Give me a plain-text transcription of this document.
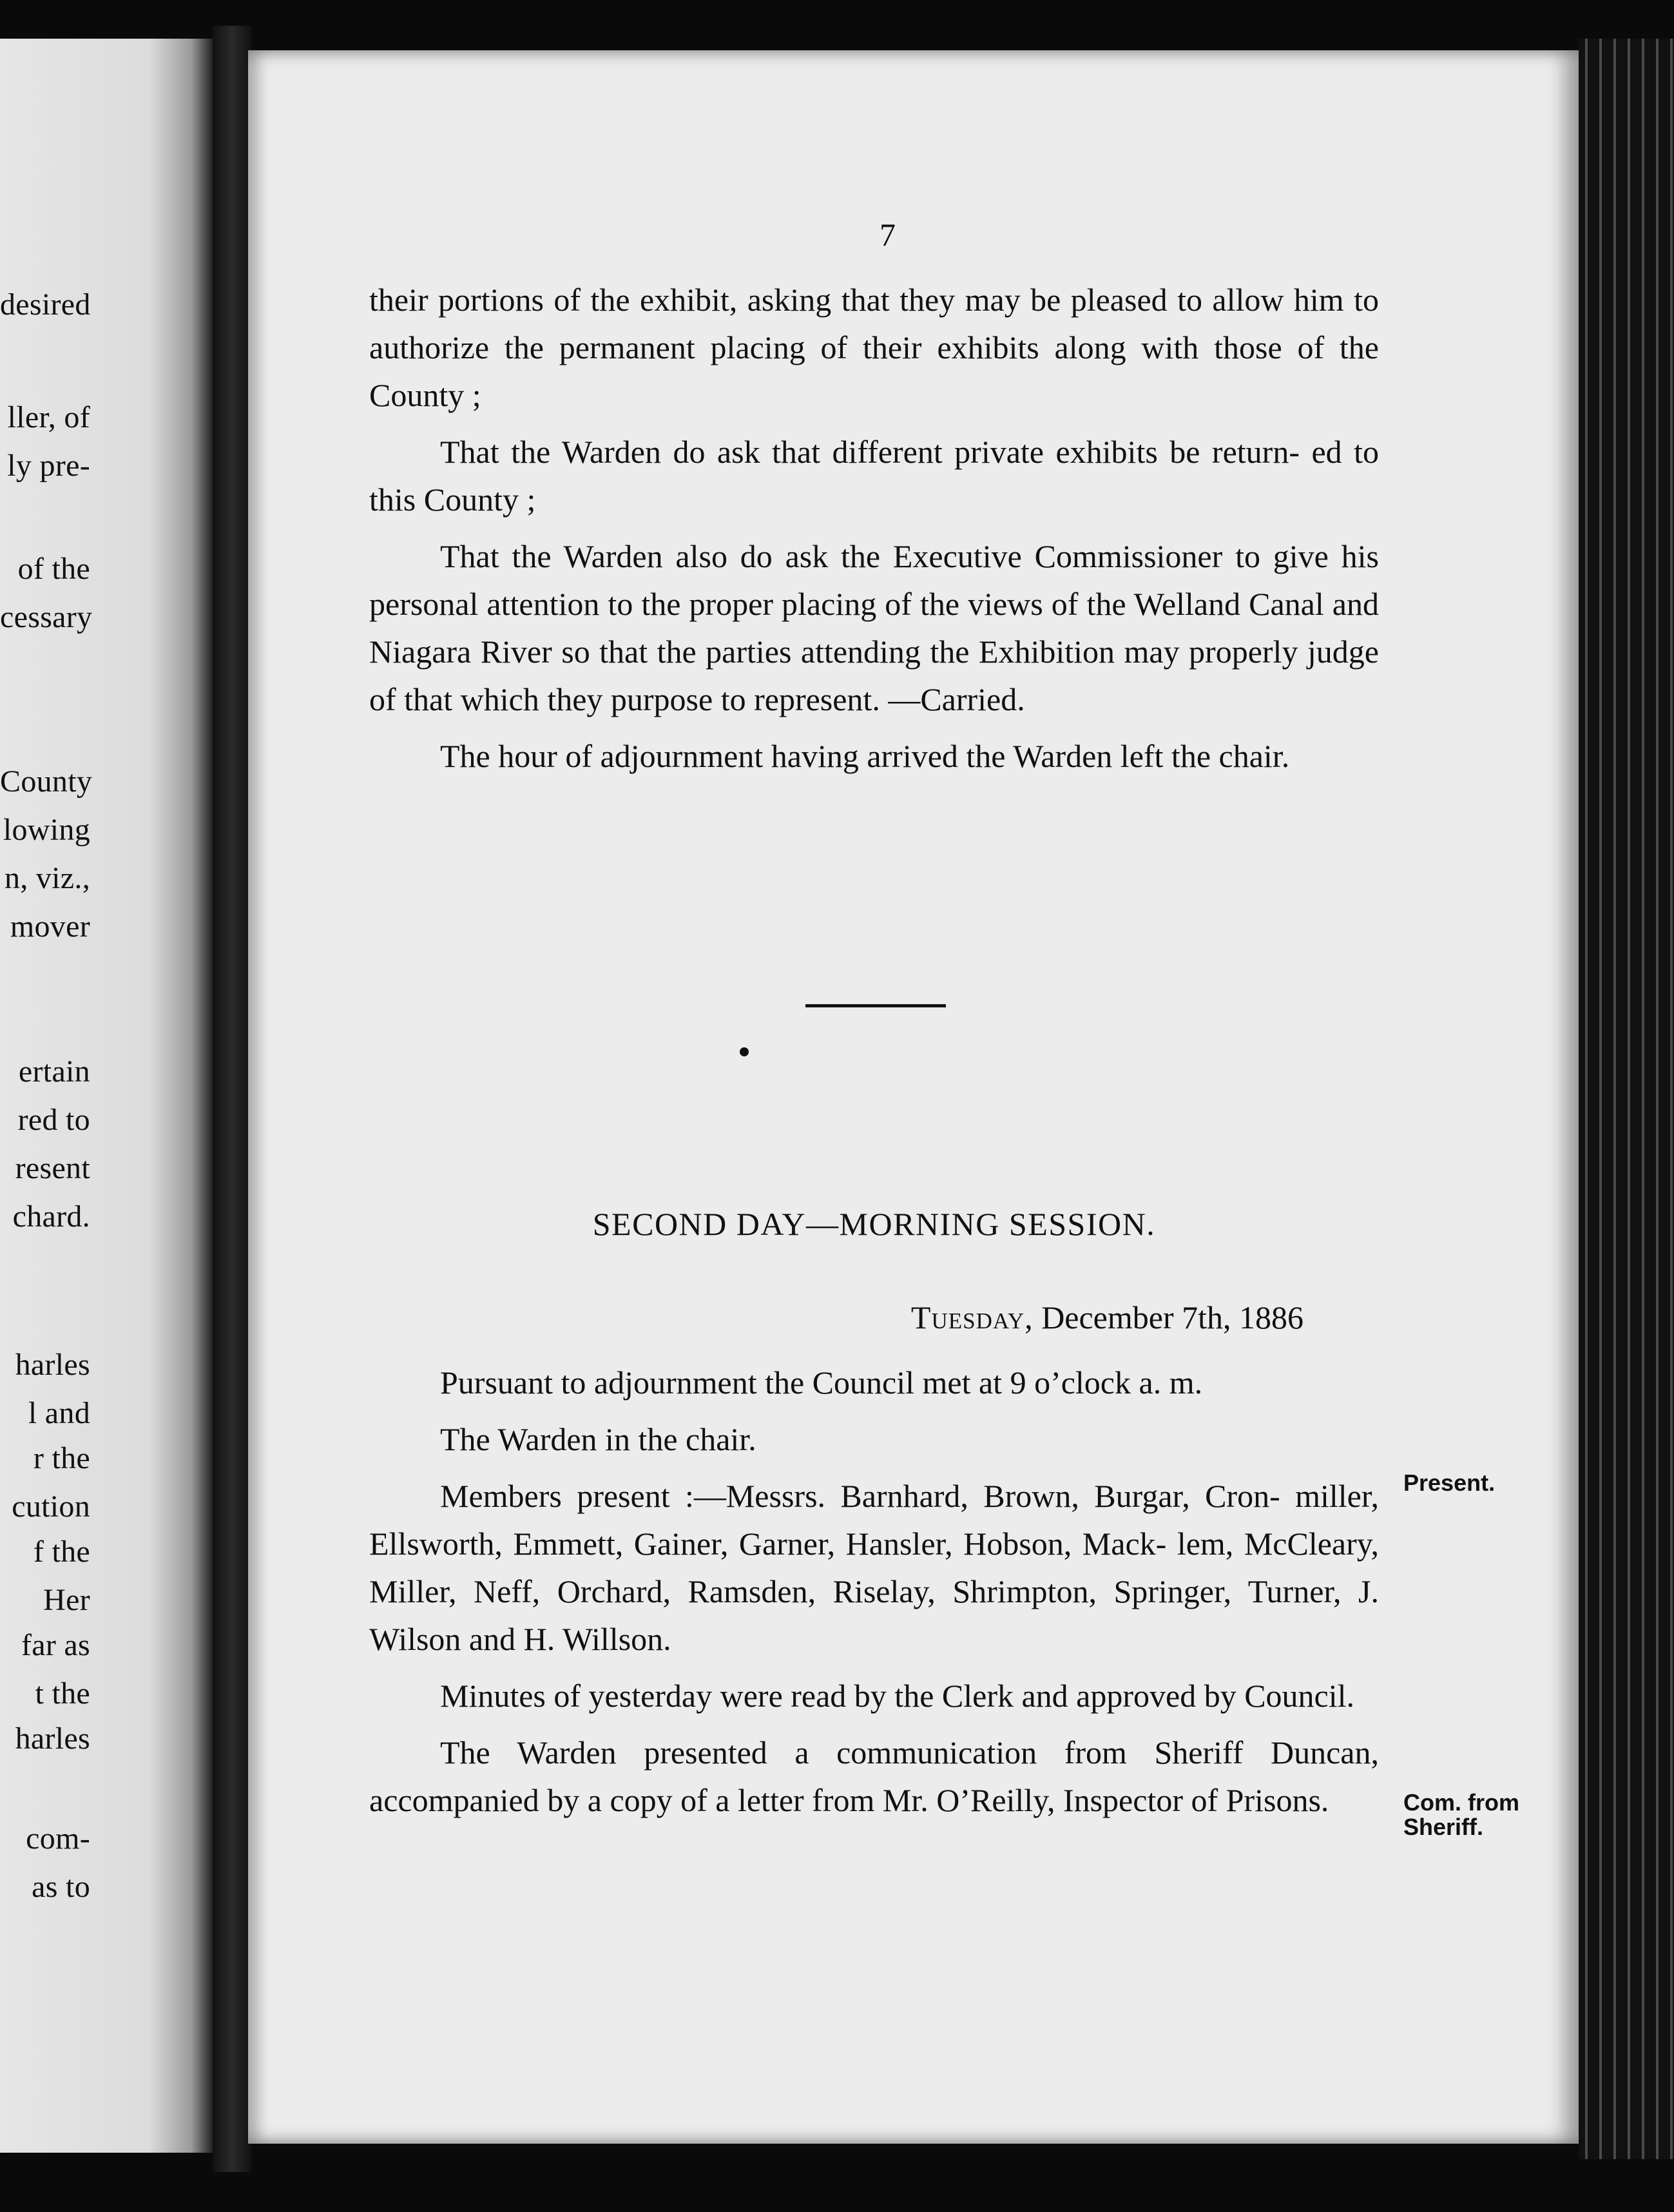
desired
ller, of
ly pre-
of the
cessary
County
lowing
n, viz.,
mover
ertain
red to
resent
chard.
harles
l and
r the
cution
f the
Her
far as
t the
harles
com-
as to
7

their portions of the exhibit, asking that they may be pleased to allow him to authorize the permanent placing of their exhibits along with those of the County ;

That the Warden do ask that different private exhibits be return- ed to this County ;

That the Warden also do ask the Executive Commissioner to give his personal attention to the proper placing of the views of the Welland Canal and Niagara River so that the parties attending the Exhibition may properly judge of that which they purpose to represent. —Carried.

The hour of adjournment having arrived the Warden left the chair.

SECOND DAY—MORNING SESSION.
Tuesday, December 7th, 1886

Pursuant to adjournment the Council met at 9 o’clock a. m.

The Warden in the chair.

Members present :—Messrs. Barnhard, Brown, Burgar, Cron- miller, Ellsworth, Emmett, Gainer, Garner, Hansler, Hobson, Mack- lem, McCleary, Miller, Neff, Orchard, Ramsden, Riselay, Shrimpton, Springer, Turner, J. Wilson and H. Willson.

Minutes of yesterday were read by the Clerk and approved by Council.

The Warden presented a communication from Sheriff Duncan, accompanied by a copy of a letter from Mr. O’Reilly, Inspector of Prisons.

Present.
Com. from Sheriff.
